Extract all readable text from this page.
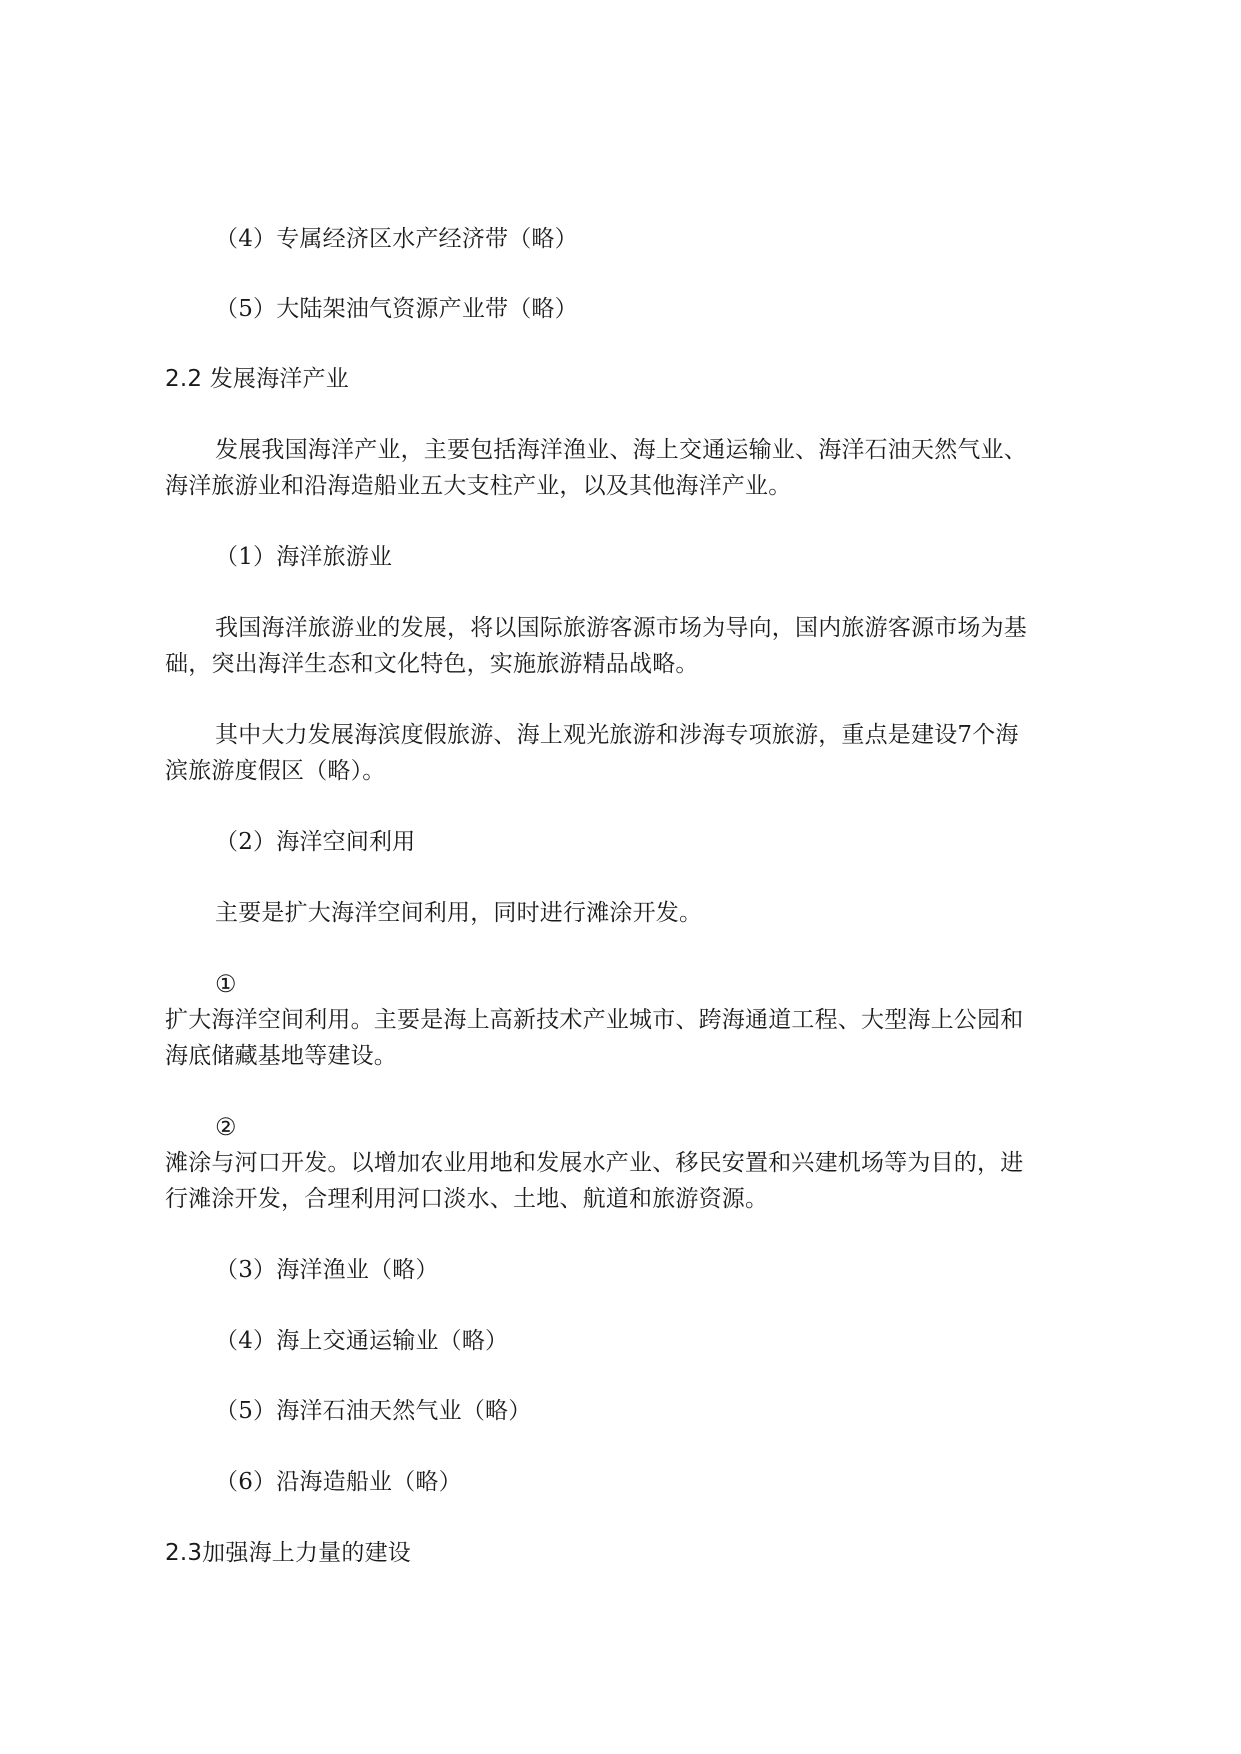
（4）专属经济区水产经济带（略）
（5）大陆架油气资源产业带（略）
2.2 发展海洋产业
发展我国海洋产业，主要包括海洋渔业、海上交通运输业、海洋石油天然气业、
海洋旅游业和沿海造船业五大支柱产业，以及其他海洋产业。
（1）海洋旅游业
我国海洋旅游业的发展，将以国际旅游客源市场为导向，国内旅游客源市场为基
础，突出海洋生态和文化特色，实施旅游精品战略。
其中大力发展海滨度假旅游、海上观光旅游和涉海专项旅游，重点是建设7个海
滨旅游度假区（略）。
（2）海洋空间利用
主要是扩大海洋空间利用，同时进行滩涂开发。
①
扩大海洋空间利用。主要是海上高新技术产业城市、跨海通道工程、大型海上公园和
海底储藏基地等建设。
②
滩涂与河口开发。以增加农业用地和发展水产业、移民安置和兴建机场等为目的，进
行滩涂开发，合理利用河口淡水、土地、航道和旅游资源。
（3）海洋渔业（略）
（4）海上交通运输业（略）
（5）海洋石油天然气业（略）
（6）沿海造船业（略）
2.3加强海上力量的建设
